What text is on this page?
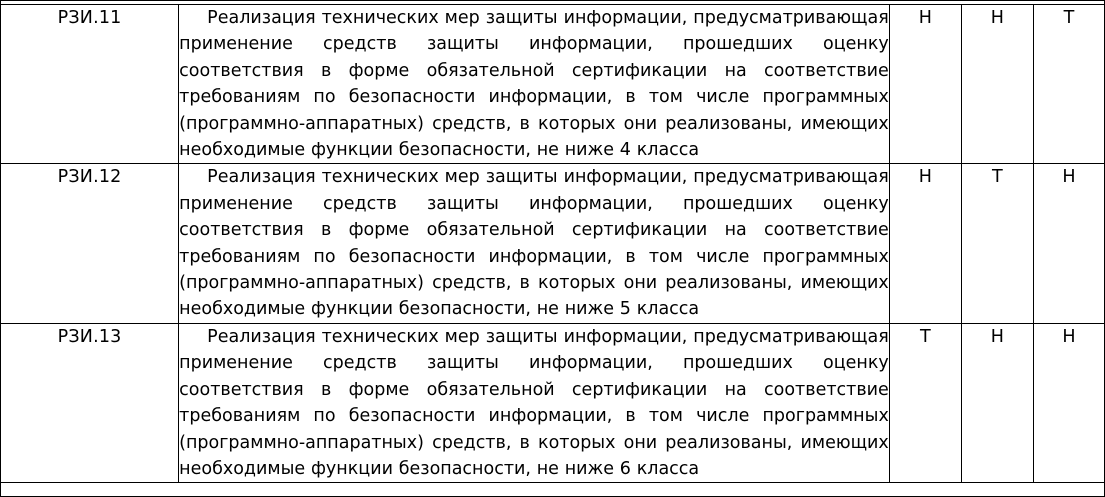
РЗИ.11	Реализация технических мер защиты информации, предусматривающая применение средств защиты информации, прошедших оценку соответствия в форме обязательной сертификации на соответствие требованиям по безопасности информации, в том числе программных (программно-аппаратных) средств, в которых они реализованы, имеющих необходимые функции безопасности, не ниже 4 класса	Н	Н	Т
РЗИ.12	Реализация технических мер защиты информации, предусматривающая применение средств защиты информации, прошедших оценку соответствия в форме обязательной сертификации на соответствие требованиям по безопасности информации, в том числе программных (программно-аппаратных) средств, в которых они реализованы, имеющих необходимые функции безопасности, не ниже 5 класса	Н	Т	Н
РЗИ.13	Реализация технических мер защиты информации, предусматривающая применение средств защиты информации, прошедших оценку соответствия в форме обязательной сертификации на соответствие требованиям по безопасности информации, в том числе программных (программно-аппаратных) средств, в которых они реализованы, имеющих необходимые функции безопасности, не ниже 6 класса	Т	Н	Н
